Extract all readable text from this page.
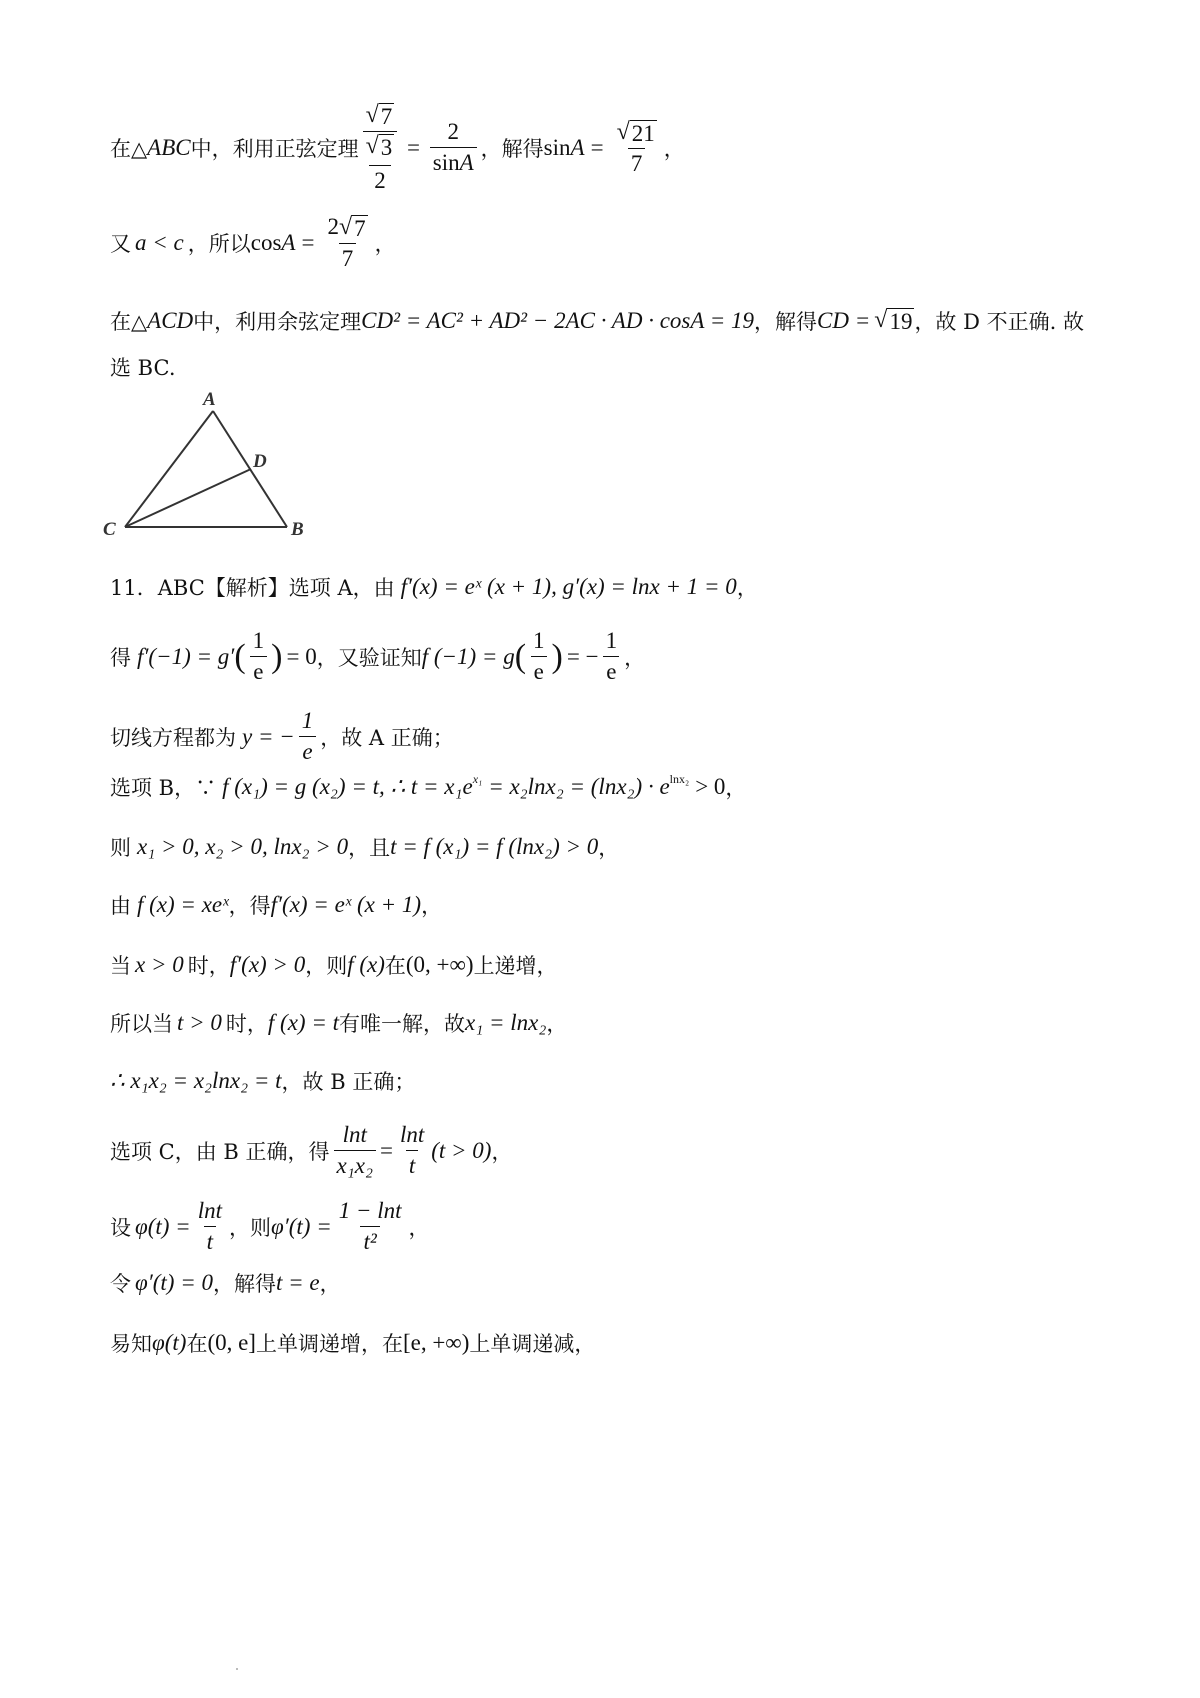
在△ ABC 中，利用正弦定理 √ 7
√ 3
$2 = \frac{2}{\sin A}$ ，解得 $\sin A = \frac{√ 21}{7}$ ，
又 a < c ，所以 $\cos A = \frac{2 √ 7}{7}$ ，
在△ ACD 中，利用余弦定理 CD² = AC² + AD² − 2AC · AD · cosA = 19 ，解得 CD = √ 19 ，故 D 不正确. 故
选 BC.
A
B
C
D
11．ABC【解析】选项 A，由 f′(x) = eˣ (x + 1), g′(x) = lnx + 1 = 0 ，
得 f′(−1) = g′ ( $\frac{1}{e}$ ) = 0 ，又验证知 f (−1) = g ( $\frac{1}{e}$ ) = − $\frac{1}{e}$ ，
切线方程都为 y = − $\frac{1}{e}$ ，故 A 正确；
选项 B，∵ f (x₁) = g (x₂) = t, ∴ $t = x_1e^{x_1} = x_2\ln x_2 = (\ln x_2) \cdot e^{lnx_2} > 0$ ，
则 x₁ > 0, x₂ > 0, lnx₂ > 0 ，且 t = f (x₁) = f (lnx₂) > 0 ，
由 f (x) = xeˣ ，得 f′(x) = eˣ (x + 1) ，
当 x > 0 时， f′(x) > 0 ，则 f (x) 在 (0, +∞) 上递增，
所以当 t > 0 时， f (x) = t 有唯一解，故 x₁ = lnx₂ ，
∴ x₁x₂ = x₂lnx₂ = t ，故 B 正确；
选项 C，由 B 正确，得 $\frac{\ln t}{\text{x₁x₂}} = \frac{\ln t}{t} (t > 0)$ ，
设 $\varphi(t) = \frac{\ln t}{t}$ ，则 $\varphi'(t) = \frac{1 - \ln t}{\text{t²}}$ ，
令 φ′(t) = 0 ，解得 t = e ，
易知 φ(t) 在 (0, e] 上单调递增，在 [e, +∞) 上单调递减，
